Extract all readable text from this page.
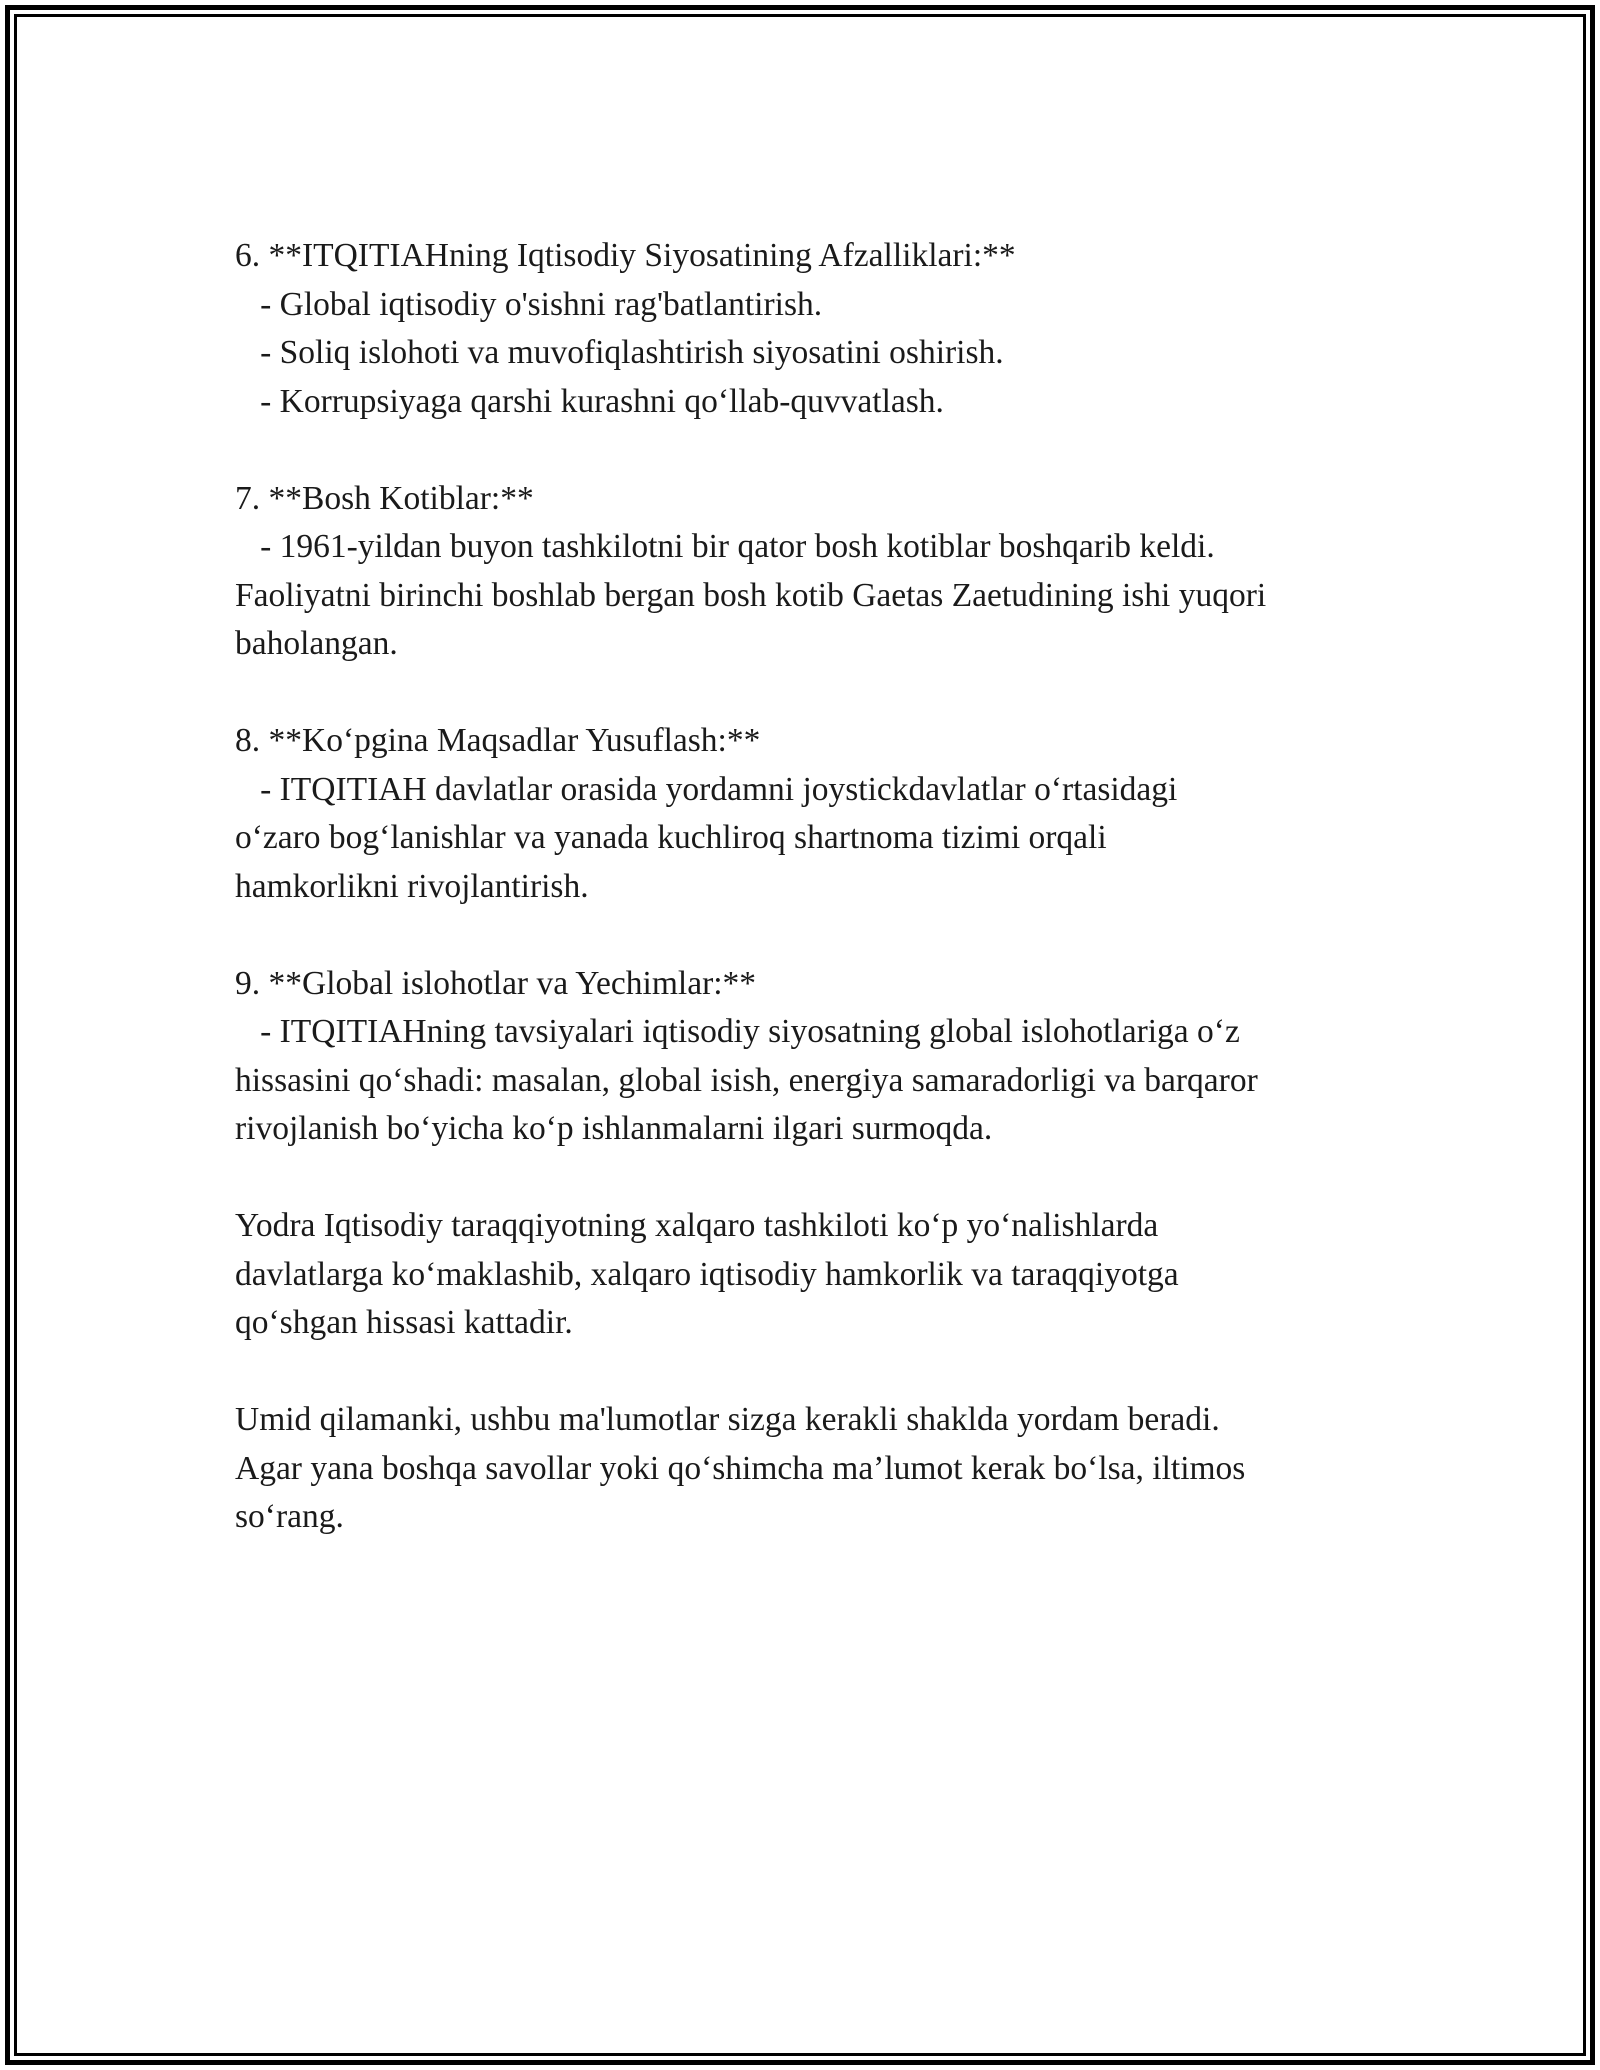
6. **ITQITIAHning Iqtisodiy Siyosatining Afzalliklari:**
- Global iqtisodiy o'sishni rag'batlantirish.
- Soliq islohoti va muvofiqlashtirish siyosatini oshirish.
- Korrupsiyaga qarshi kurashni qo‘llab-quvvatlash.
7. **Bosh Kotiblar:**
- 1961-yildan buyon tashkilotni bir qator bosh kotiblar boshqarib keldi.
Faoliyatni birinchi boshlab bergan bosh kotib Gaetas Zaetudining ishi yuqori
baholangan.
8. **Ko‘pgina Maqsadlar Yusuflash:**
- ITQITIAH davlatlar orasida yordamni joystickdavlatlar o‘rtasidagi
o‘zaro bog‘lanishlar va yanada kuchliroq shartnoma tizimi orqali
hamkorlikni rivojlantirish.
9. **Global islohotlar va Yechimlar:**
- ITQITIAHning tavsiyalari iqtisodiy siyosatning global islohotlariga o‘z
hissasini qo‘shadi: masalan, global isish, energiya samaradorligi va barqaror
rivojlanish bo‘yicha ko‘p ishlanmalarni ilgari surmoqda.
Yodra Iqtisodiy taraqqiyotning xalqaro tashkiloti ko‘p yo‘nalishlarda
davlatlarga ko‘maklashib, xalqaro iqtisodiy hamkorlik va taraqqiyotga
qo‘shgan hissasi kattadir.
Umid qilamanki, ushbu ma'lumotlar sizga kerakli shakldа yordam beradi.
Agar yana boshqa savollar yoki qo‘shimcha ma’lumot kerak bo‘lsa, iltimos
so‘rang.
